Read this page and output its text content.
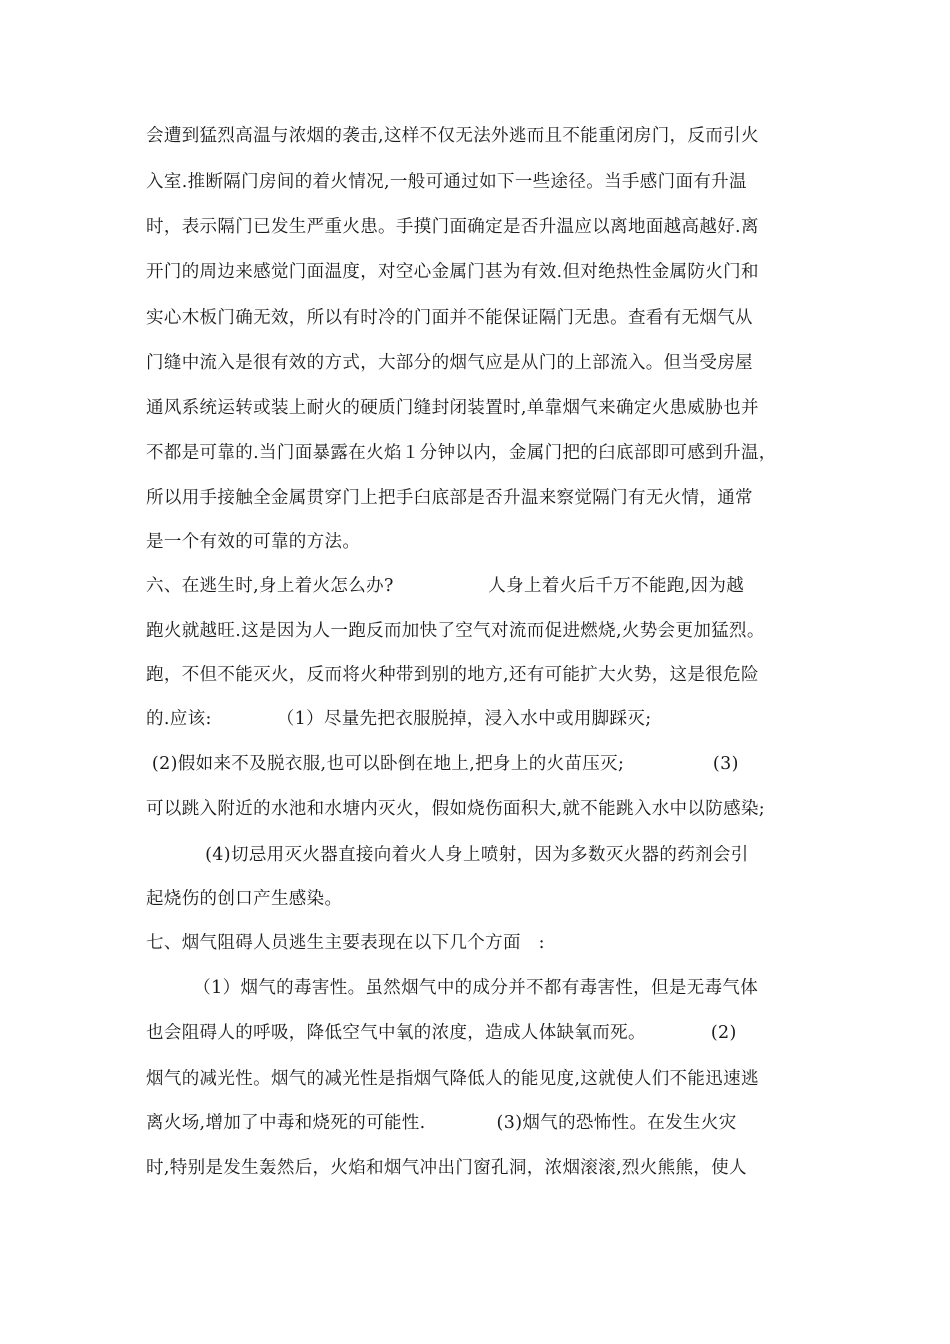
会遭到猛烈高温与浓烟的袭击,这样不仅无法外逃而且不能重闭房门，反而引火
入室.推断隔门房间的着火情况,一般可通过如下一些途径。当手感门面有升温
时，表示隔门已发生严重火患。手摸门面确定是否升温应以离地面越高越好.离
开门的周边来感觉门面温度，对空心金属门甚为有效.但对绝热性金属防火门和
实心木板门确无效，所以有时冷的门面并不能保证隔门无患。查看有无烟气从
门缝中流入是很有效的方式，大部分的烟气应是从门的上部流入。但当受房屋
通风系统运转或装上耐火的硬质门缝封闭装置时,单靠烟气来确定火患威胁也并
不都是可靠的.当门面暴露在火焰１分钟以内，金属门把的臼底部即可感到升温，
所以用手接触全金属贯穿门上把手臼底部是否升温来察觉隔门有无火情，通常
是一个有效的可靠的方法。
六、在逃生时,身上着火怎么办?                人身上着火后千万不能跑,因为越
跑火就越旺.这是因为人一跑反而加快了空气对流而促进燃烧,火势会更加猛烈。
跑，不但不能灭火，反而将火种带到别的地方,还有可能扩大火势，这是很危险
的.应该:           （1）尽量先把衣服脱掉，浸入水中或用脚踩灭;
(2)假如来不及脱衣服,也可以卧倒在地上,把身上的火苗压灭;               (3)
可以跳入附近的水池和水塘内灭火，假如烧伤面积大,就不能跳入水中以防感染;
(4)切忌用灭火器直接向着火人身上喷射，因为多数灭火器的药剂会引
起烧伤的创口产生感染。
七、烟气阻碍人员逃生主要表现在以下几个方面   :
（1）烟气的毒害性。虽然烟气中的成分并不都有毒害性，但是无毒气体
也会阻碍人的呼吸，降低空气中氧的浓度，造成人体缺氧而死。           (2)
烟气的减光性。烟气的减光性是指烟气降低人的能见度,这就使人们不能迅速逃
离火场,增加了中毒和烧死的可能性.            (3)烟气的恐怖性。在发生火灾
时,特别是发生轰然后，火焰和烟气冲出门窗孔洞，浓烟滚滚,烈火熊熊，使人
